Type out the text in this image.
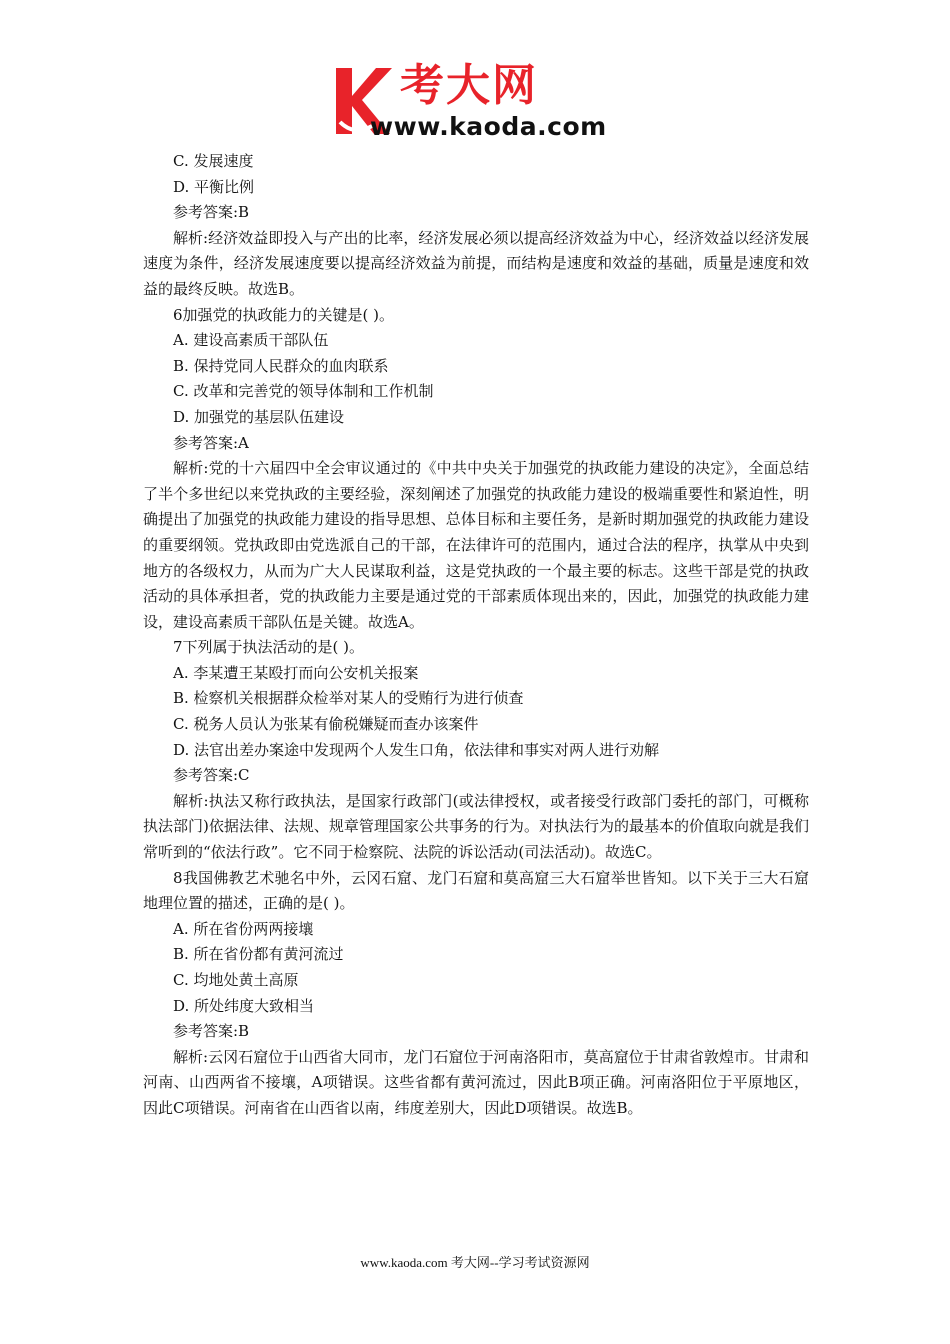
考大网
www.kaoda.com

C. 发展速度

D. 平衡比例

参考答案:B

解析:经济效益即投入与产出的比率，经济发展必须以提高经济效益为中心，经济效益以经济发展速度为条件，经济发展速度要以提高经济效益为前提，而结构是速度和效益的基础，质量是速度和效益的最终反映。故选B。

6加强党的执政能力的关键是( )。

A. 建设高素质干部队伍

B. 保持党同人民群众的血肉联系

C. 改革和完善党的领导体制和工作机制

D. 加强党的基层队伍建设

参考答案:A

解析:党的十六届四中全会审议通过的《中共中央关于加强党的执政能力建设的决定》，全面总结了半个多世纪以来党执政的主要经验，深刻阐述了加强党的执政能力建设的极端重要性和紧迫性，明确提出了加强党的执政能力建设的指导思想、总体目标和主要任务，是新时期加强党的执政能力建设的重要纲领。党执政即由党选派自己的干部，在法律许可的范围内，通过合法的程序，执掌从中央到地方的各级权力，从而为广大人民谋取利益，这是党执政的一个最主要的标志。这些干部是党的执政活动的具体承担者，党的执政能力主要是通过党的干部素质体现出来的，因此，加强党的执政能力建设，建设高素质干部队伍是关键。故选A。

7下列属于执法活动的是( )。

A. 李某遭王某殴打而向公安机关报案

B. 检察机关根据群众检举对某人的受贿行为进行侦查

C. 税务人员认为张某有偷税嫌疑而查办该案件

D. 法官出差办案途中发现两个人发生口角，依法律和事实对两人进行劝解

参考答案:C

解析:执法又称行政执法，是国家行政部门(或法律授权，或者接受行政部门委托的部门，可概称执法部门)依据法律、法规、规章管理国家公共事务的行为。对执法行为的最基本的价值取向就是我们常听到的“依法行政”。它不同于检察院、法院的诉讼活动(司法活动)。故选C。

8我国佛教艺术驰名中外，云冈石窟、龙门石窟和莫高窟三大石窟举世皆知。以下关于三大石窟地理位置的描述，正确的是( )。

A. 所在省份两两接壤

B. 所在省份都有黄河流过

C. 均地处黄土高原

D. 所处纬度大致相当

参考答案:B

解析:云冈石窟位于山西省大同市，龙门石窟位于河南洛阳市，莫高窟位于甘肃省敦煌市。甘肃和河南、山西两省不接壤，A项错误。这些省都有黄河流过，因此B项正确。河南洛阳位于平原地区，因此C项错误。河南省在山西省以南，纬度差别大，因此D项错误。故选B。

www.kaoda.com 考大网--学习考试资源网
